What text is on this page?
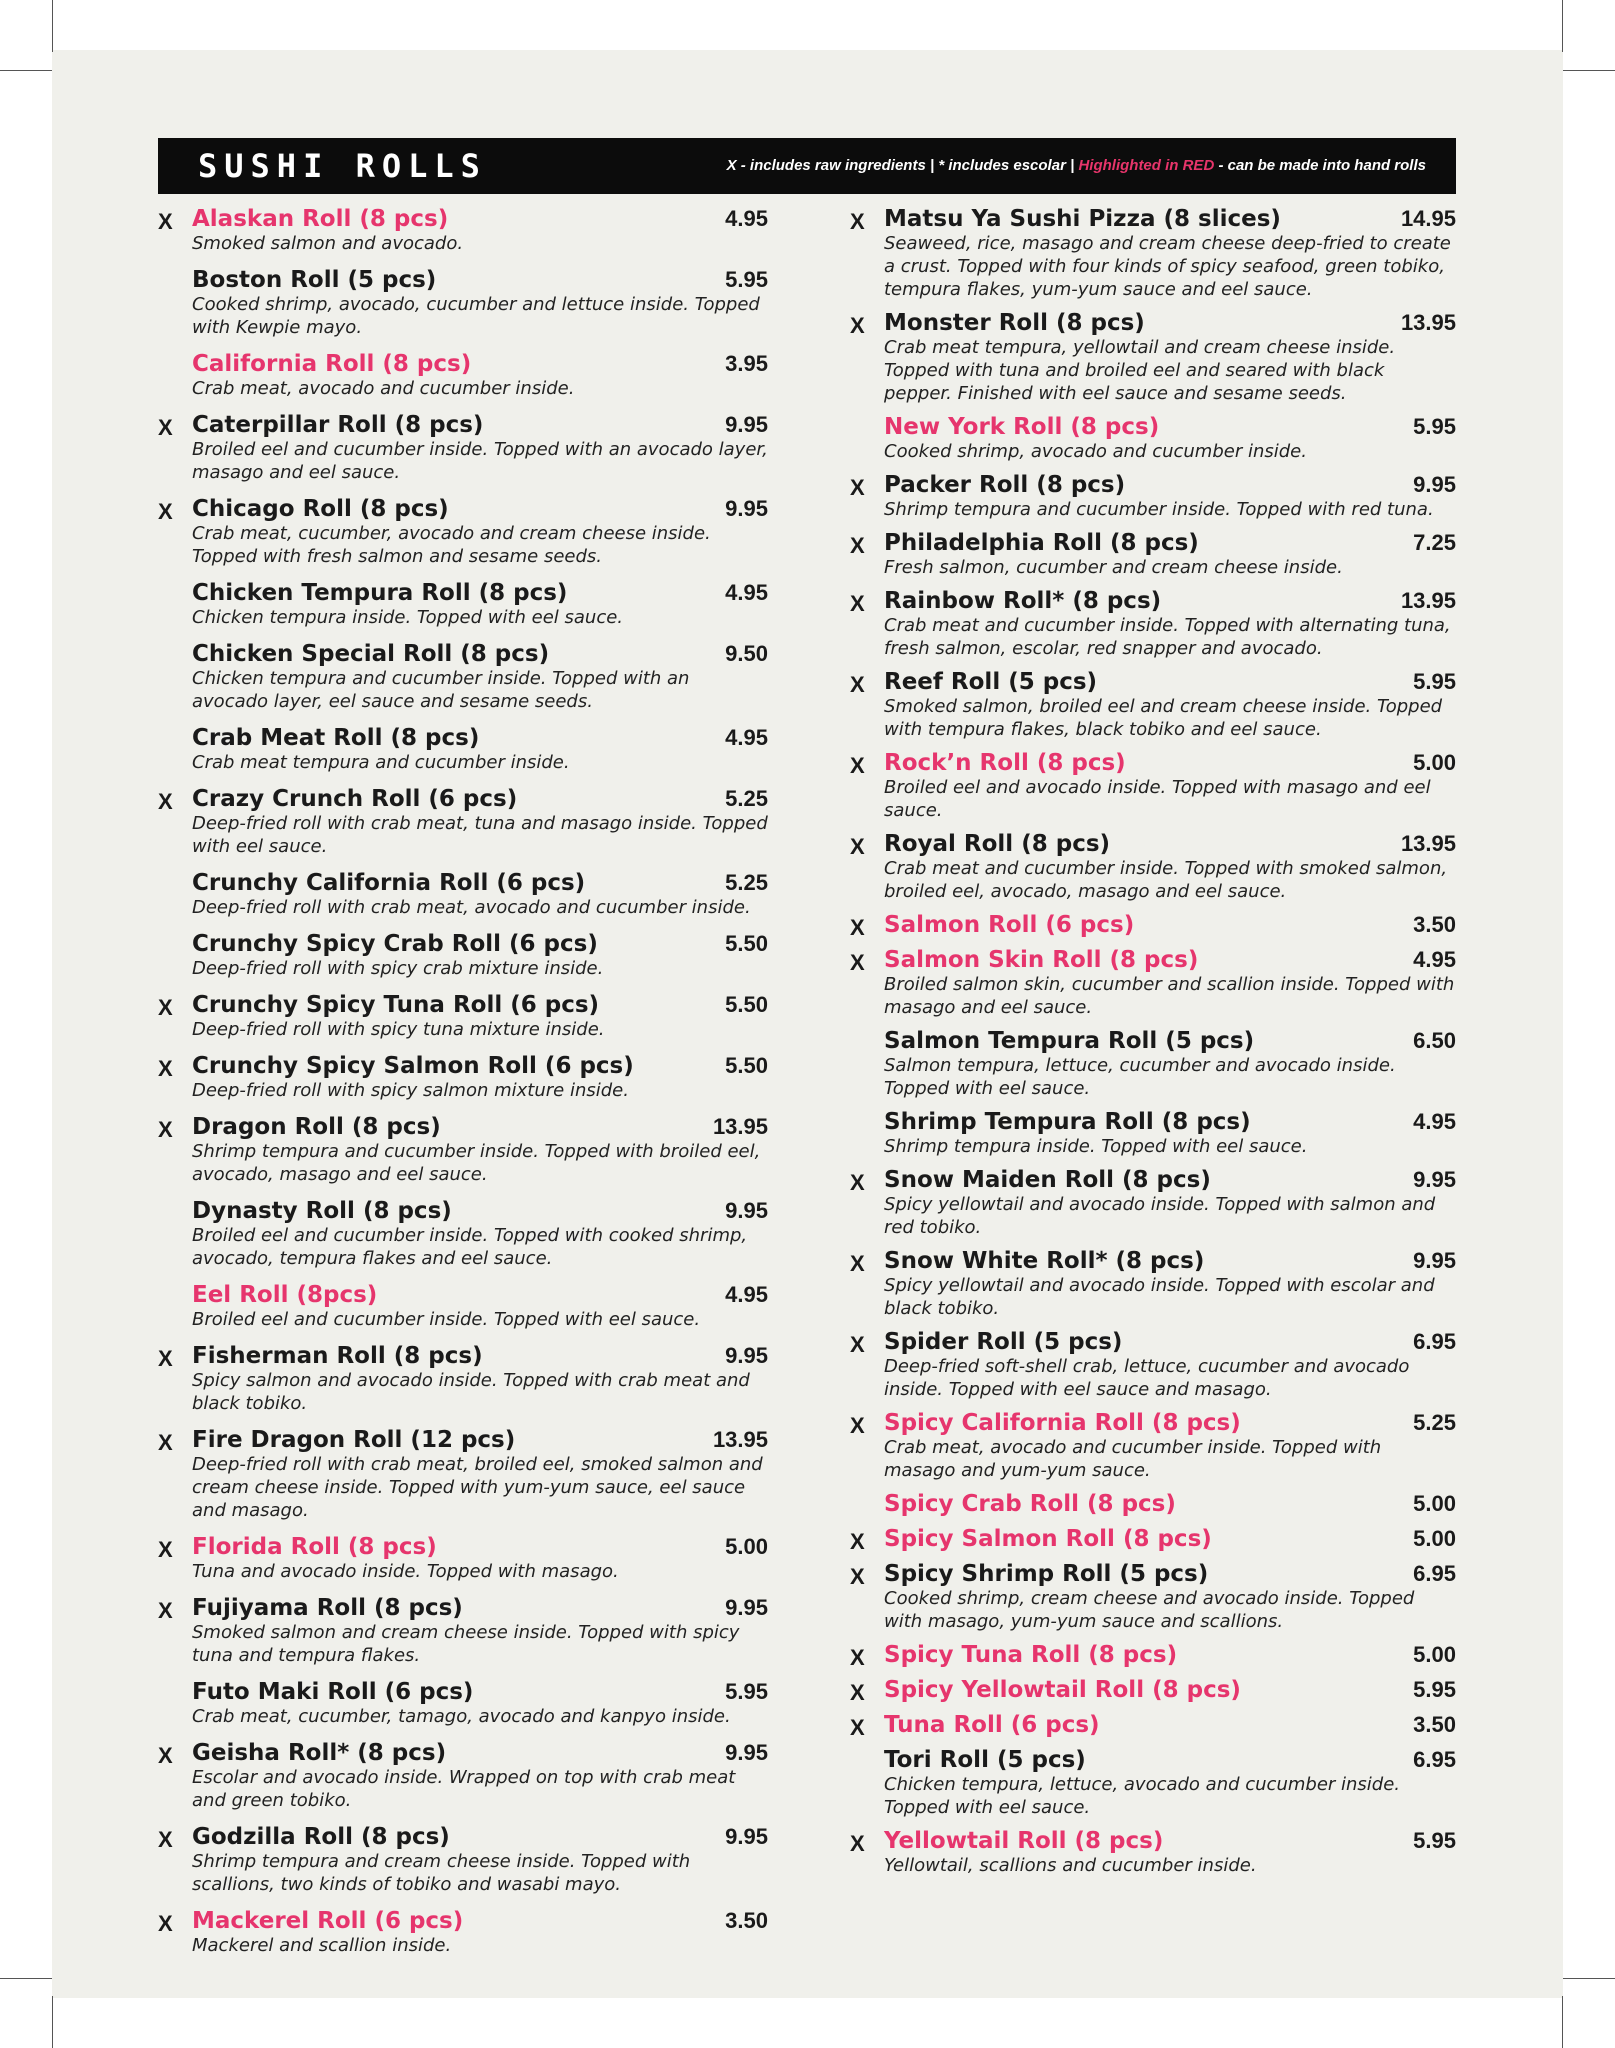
SUSHI ROLLS	X - includes raw ingredients | * includes escolar | Highlighted in RED - can be made into hand rolls
X Alaskan Roll (8 pcs)	4.95
Smoked salmon and avocado.
Boston Roll (5 pcs)	5.95
Cooked shrimp, avocado, cucumber and lettuce inside. Topped with Kewpie mayo.
California Roll (8 pcs)	3.95
Crab meat, avocado and cucumber inside.
X Caterpillar Roll (8 pcs)	9.95
Broiled eel and cucumber inside. Topped with an avocado layer, masago and eel sauce.
X Chicago Roll (8 pcs)	9.95
Crab meat, cucumber, avocado and cream cheese inside. Topped with fresh salmon and sesame seeds.
Chicken Tempura Roll (8 pcs)	4.95
Chicken tempura inside. Topped with eel sauce.
Chicken Special Roll (8 pcs)	9.50
Chicken tempura and cucumber inside. Topped with an avocado layer, eel sauce and sesame seeds.
Crab Meat Roll (8 pcs)	4.95
Crab meat tempura and cucumber inside.
X Crazy Crunch Roll (6 pcs)	5.25
Deep-fried roll with crab meat, tuna and masago inside. Topped with eel sauce.
Crunchy California Roll (6 pcs)	5.25
Deep-fried roll with crab meat, avocado and cucumber inside.
Crunchy Spicy Crab Roll (6 pcs)	5.50
Deep-fried roll with spicy crab mixture inside.
X Crunchy Spicy Tuna Roll (6 pcs)	5.50
Deep-fried roll with spicy tuna mixture inside.
X Crunchy Spicy Salmon Roll (6 pcs)	5.50
Deep-fried roll with spicy salmon mixture inside.
X Dragon Roll (8 pcs)	13.95
Shrimp tempura and cucumber inside. Topped with broiled eel, avocado, masago and eel sauce.
Dynasty Roll (8 pcs)	9.95
Broiled eel and cucumber inside. Topped with cooked shrimp, avocado, tempura flakes and eel sauce.
Eel Roll (8pcs)	4.95
Broiled eel and cucumber inside. Topped with eel sauce.
X Fisherman Roll (8 pcs)	9.95
Spicy salmon and avocado inside. Topped with crab meat and black tobiko.
X Fire Dragon Roll (12 pcs)	13.95
Deep-fried roll with crab meat, broiled eel, smoked salmon and cream cheese inside. Topped with yum-yum sauce, eel sauce and masago.
X Florida Roll (8 pcs)	5.00
Tuna and avocado inside. Topped with masago.
X Fujiyama Roll (8 pcs)	9.95
Smoked salmon and cream cheese inside. Topped with spicy tuna and tempura flakes.
Futo Maki Roll (6 pcs)	5.95
Crab meat, cucumber, tamago, avocado and kanpyo inside.
X Geisha Roll* (8 pcs)	9.95
Escolar and avocado inside. Wrapped on top with crab meat and green tobiko.
X Godzilla Roll (8 pcs)	9.95
Shrimp tempura and cream cheese inside. Topped with scallions, two kinds of tobiko and wasabi mayo.
X Mackerel Roll (6 pcs)	3.50
Mackerel and scallion inside.
X Matsu Ya Sushi Pizza (8 slices)	14.95
Seaweed, rice, masago and cream cheese deep-fried to create a crust. Topped with four kinds of spicy seafood, green tobiko, tempura flakes, yum-yum sauce and eel sauce.
X Monster Roll (8 pcs)	13.95
Crab meat tempura, yellowtail and cream cheese inside. Topped with tuna and broiled eel and seared with black pepper. Finished with eel sauce and sesame seeds.
New York Roll (8 pcs)	5.95
Cooked shrimp, avocado and cucumber inside.
X Packer Roll (8 pcs)	9.95
Shrimp tempura and cucumber inside. Topped with red tuna.
X Philadelphia Roll (8 pcs)	7.25
Fresh salmon, cucumber and cream cheese inside.
X Rainbow Roll* (8 pcs)	13.95
Crab meat and cucumber inside. Topped with alternating tuna, fresh salmon, escolar, red snapper and avocado.
X Reef Roll (5 pcs)	5.95
Smoked salmon, broiled eel and cream cheese inside. Topped with tempura flakes, black tobiko and eel sauce.
X Rock’n Roll (8 pcs)	5.00
Broiled eel and avocado inside. Topped with masago and eel sauce.
X Royal Roll (8 pcs)	13.95
Crab meat and cucumber inside. Topped with smoked salmon, broiled eel, avocado, masago and eel sauce.
X Salmon Roll (6 pcs)	3.50
X Salmon Skin Roll (8 pcs)	4.95
Broiled salmon skin, cucumber and scallion inside. Topped with masago and eel sauce.
Salmon Tempura Roll (5 pcs)	6.50
Salmon tempura, lettuce, cucumber and avocado inside. Topped with eel sauce.
Shrimp Tempura Roll (8 pcs)	4.95
Shrimp tempura inside. Topped with eel sauce.
X Snow Maiden Roll (8 pcs)	9.95
Spicy yellowtail and avocado inside. Topped with salmon and red tobiko.
X Snow White Roll* (8 pcs)	9.95
Spicy yellowtail and avocado inside. Topped with escolar and black tobiko.
X Spider Roll (5 pcs)	6.95
Deep-fried soft-shell crab, lettuce, cucumber and avocado inside. Topped with eel sauce and masago.
X Spicy California Roll (8 pcs)	5.25
Crab meat, avocado and cucumber inside. Topped with masago and yum-yum sauce.
Spicy Crab Roll (8 pcs)	5.00
X Spicy Salmon Roll (8 pcs)	5.00
X Spicy Shrimp Roll (5 pcs)	6.95
Cooked shrimp, cream cheese and avocado inside. Topped with masago, yum-yum sauce and scallions.
X Spicy Tuna Roll (8 pcs)	5.00
X Spicy Yellowtail Roll (8 pcs)	5.95
X Tuna Roll (6 pcs)	3.50
Tori Roll (5 pcs)	6.95
Chicken tempura, lettuce, avocado and cucumber inside. Topped with eel sauce.
X Yellowtail Roll (8 pcs)	5.95
Yellowtail, scallions and cucumber inside.
